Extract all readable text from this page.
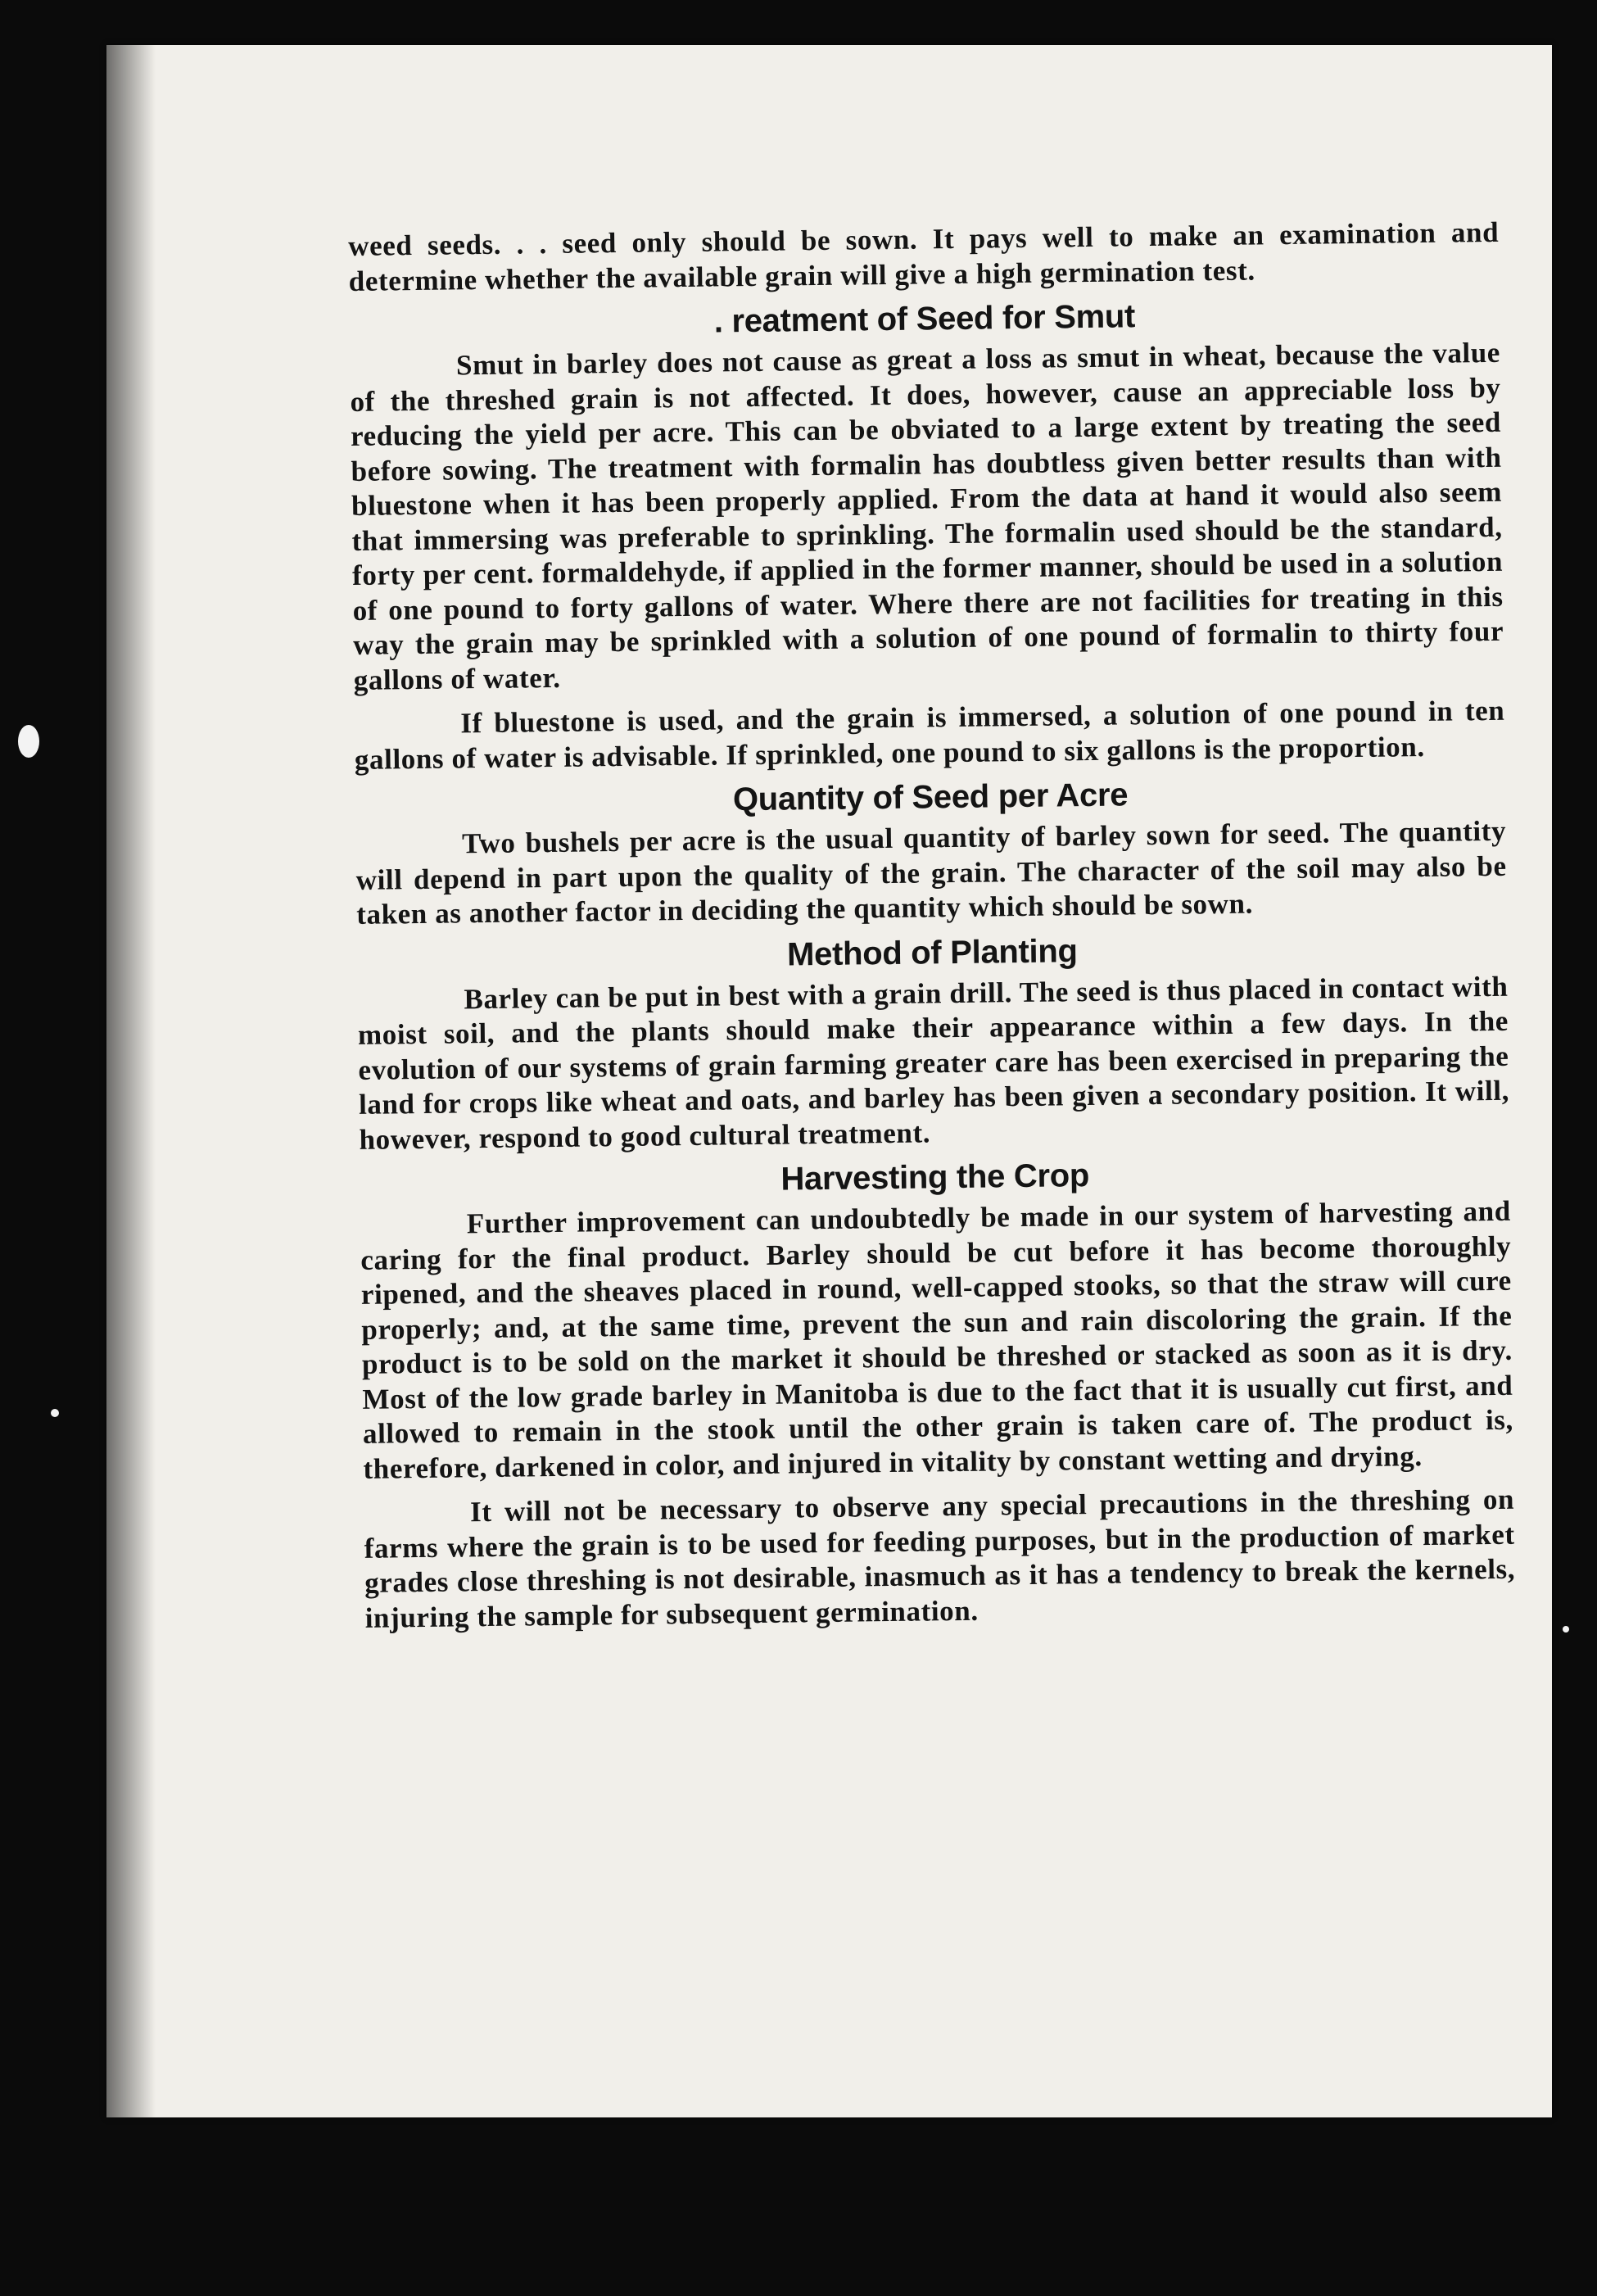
weed seeds. . . seed only should be sown. It pays well to make an examination and determine whether the available grain will give a high germination test.

. reatment of Seed for Smut

Smut in barley does not cause as great a loss as smut in wheat, because the value of the threshed grain is not affected. It does, however, cause an appreciable loss by reducing the yield per acre. This can be obviated to a large extent by treating the seed before sowing. The treatment with formalin has doubtless given better results than with bluestone when it has been properly applied. From the data at hand it would also seem that immersing was preferable to sprinkling. The formalin used should be the standard, forty per cent. formaldehyde, if applied in the former manner, should be used in a solution of one pound to forty gallons of water. Where there are not facilities for treating in this way the grain may be sprinkled with a solution of one pound of formalin to thirty four gallons of water.

If bluestone is used, and the grain is immersed, a solution of one pound in ten gallons of water is advisable. If sprinkled, one pound to six gallons is the proportion.

Quantity of Seed per Acre

Two bushels per acre is the usual quantity of barley sown for seed. The quantity will depend in part upon the quality of the grain. The character of the soil may also be taken as another factor in deciding the quantity which should be sown.

Method of Planting

Barley can be put in best with a grain drill. The seed is thus placed in contact with moist soil, and the plants should make their appearance within a few days. In the evolution of our systems of grain farming greater care has been exercised in preparing the land for crops like wheat and oats, and barley has been given a secondary position. It will, however, respond to good cultural treatment.

Harvesting the Crop

Further improvement can undoubtedly be made in our system of harvesting and caring for the final product. Barley should be cut before it has become thoroughly ripened, and the sheaves placed in round, well-capped stooks, so that the straw will cure properly; and, at the same time, prevent the sun and rain discoloring the grain. If the product is to be sold on the market it should be threshed or stacked as soon as it is dry. Most of the low grade barley in Manitoba is due to the fact that it is usually cut first, and allowed to remain in the stook until the other grain is taken care of. The product is, therefore, darkened in color, and injured in vitality by constant wetting and drying.

It will not be necessary to observe any special precautions in the threshing on farms where the grain is to be used for feeding purposes, but in the production of market grades close threshing is not desirable, inasmuch as it has a tendency to break the kernels, injuring the sample for subsequent germination.
